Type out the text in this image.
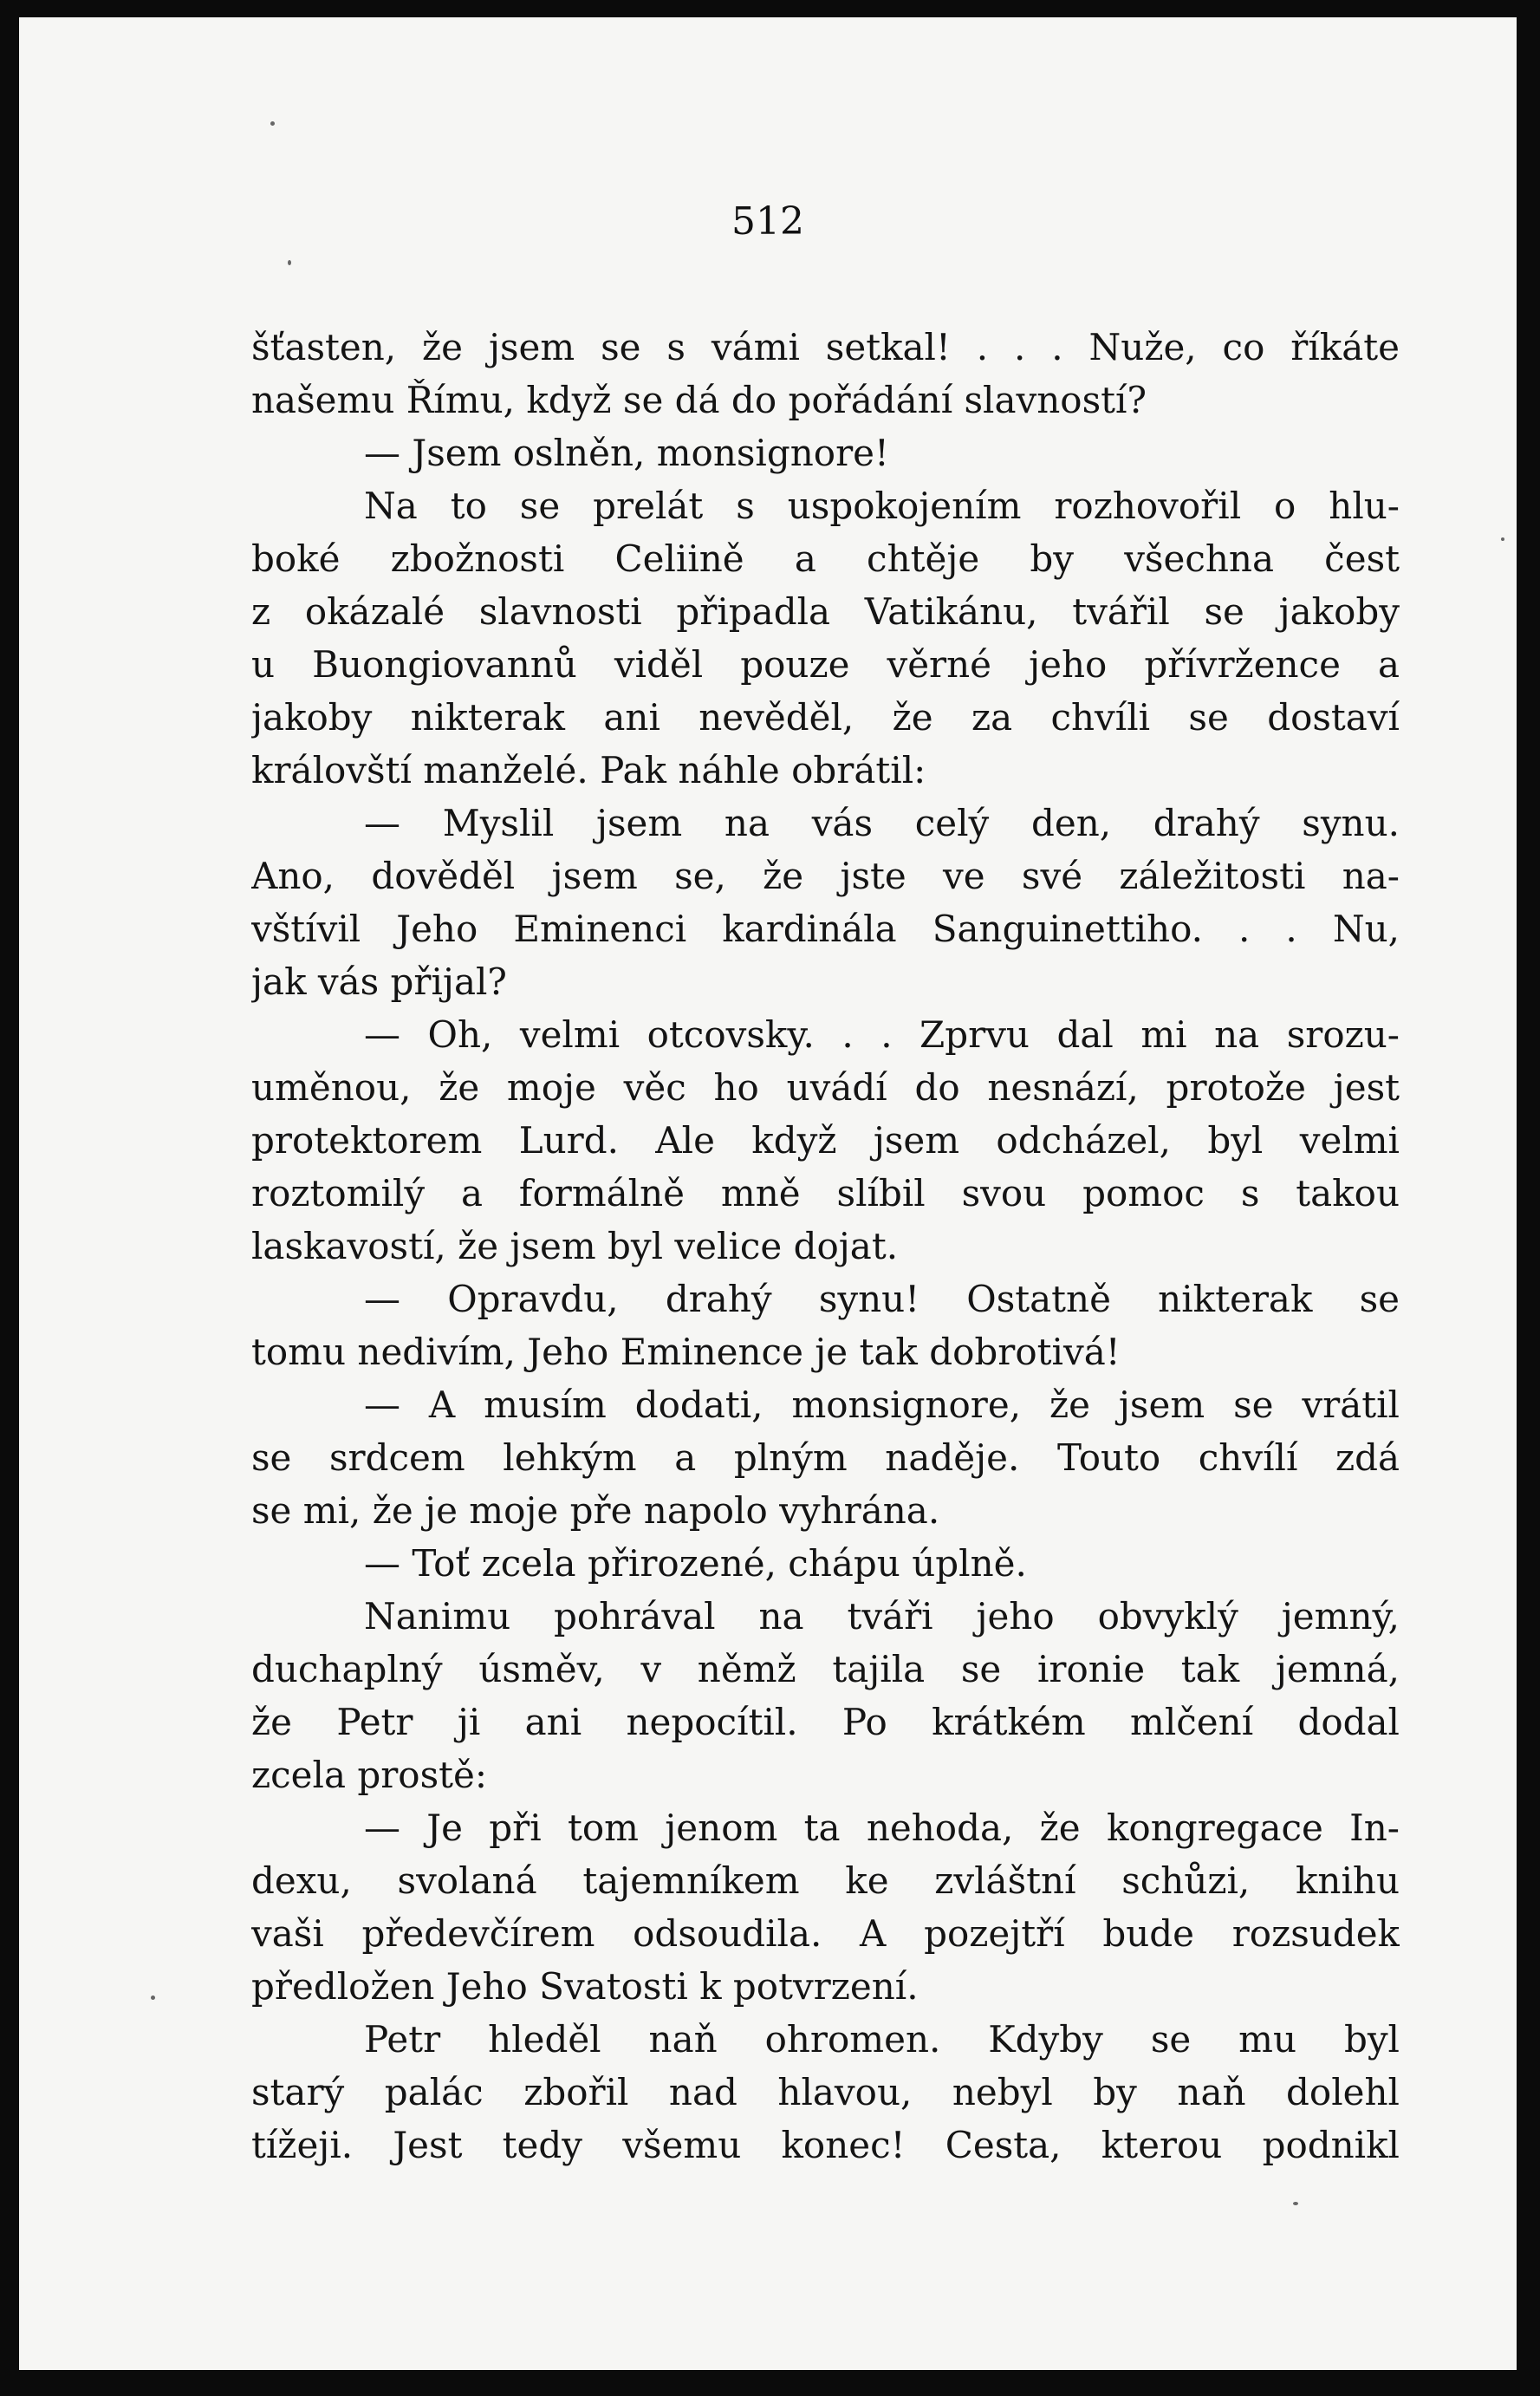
512

šťasten, že jsem se s vámi setkal! . . . Nuže, co říkáte

našemu Římu, když se dá do pořádání slavností?

— Jsem oslněn, monsignore!

Na to se prelát s uspokojením rozhovořil o hlu-

boké zbožnosti Celiině a chtěje by všechna čest

z okázalé slavnosti připadla Vatikánu, tvářil se jakoby

u Buongiovannů viděl pouze věrné jeho přívržence a

jakoby nikterak ani nevěděl, že za chvíli se dostaví

královští manželé. Pak náhle obrátil:

— Myslil jsem na vás celý den, drahý synu.

Ano, dověděl jsem se, že jste ve své záležitosti na-

vštívil Jeho Eminenci kardinála Sanguinettiho. . . Nu,

jak vás přijal?

— Oh, velmi otcovsky. . . Zprvu dal mi na srozu-

uměnou, že moje věc ho uvádí do nesnází, protože jest

protektorem Lurd. Ale když jsem odcházel, byl velmi

roztomilý a formálně mně slíbil svou pomoc s takou

laskavostí, že jsem byl velice dojat.

— Opravdu, drahý synu! Ostatně nikterak se

tomu nedivím, Jeho Eminence je tak dobrotivá!

— A musím dodati, monsignore, že jsem se vrátil

se srdcem lehkým a plným naděje. Touto chvílí zdá

se mi, že je moje pře napolo vyhrána.

— Toť zcela přirozené, chápu úplně.

Nanimu pohrával na tváři jeho obvyklý jemný,

duchaplný úsměv, v němž tajila se ironie tak jemná,

že Petr ji ani nepocítil. Po krátkém mlčení dodal

zcela prostě:

— Je při tom jenom ta nehoda, že kongregace In-

dexu, svolaná tajemníkem ke zvláštní schůzi, knihu

vaši předevčírem odsoudila. A pozejtří bude rozsudek

předložen Jeho Svatosti k potvrzení.

Petr hleděl naň ohromen. Kdyby se mu byl

starý palác zbořil nad hlavou, nebyl by naň dolehl

tížeji. Jest tedy všemu konec! Cesta, kterou podnikl
